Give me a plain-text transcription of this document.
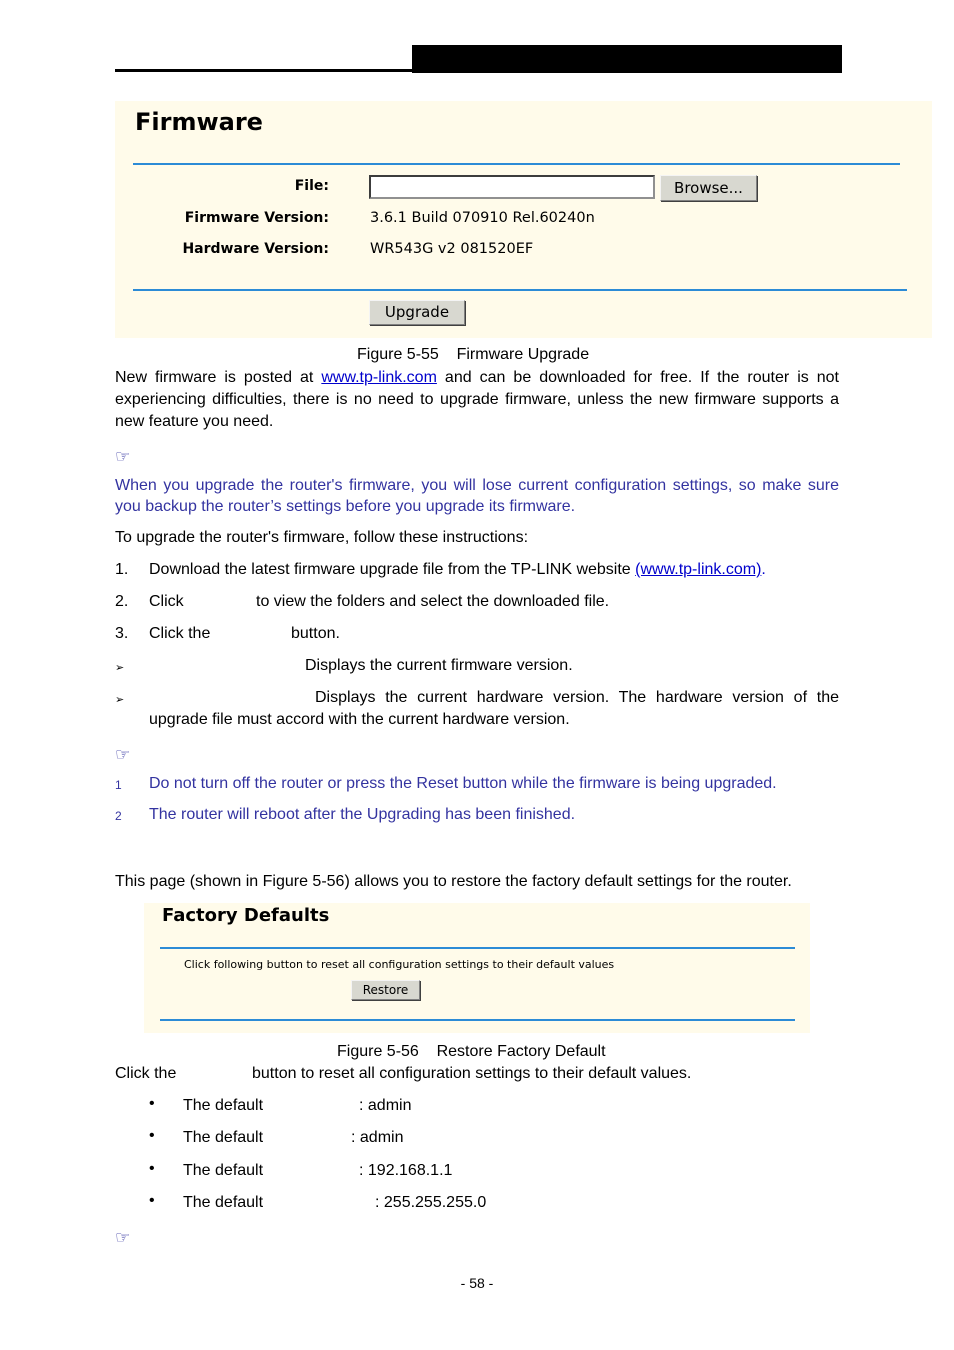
Firmware
File:	Browse...
Firmware Version:	3.6.1 Build 070910 Rel.60240n
Hardware Version:	WR543G v2 081520EF
Upgrade
Figure 5-55    Firmware Upgrade
New firmware is posted at www.tp-link.com and can be downloaded for free. If the router is not experiencing difficulties, there is no need to upgrade firmware, unless the new firmware supports a new feature you need.
☞
When you upgrade the router's firmware, you will lose current configuration settings, so make sure you backup the router’s settings before you upgrade its firmware.
To upgrade the router's firmware, follow these instructions:
1. Download the latest firmware upgrade file from the TP-LINK website (www.tp-link.com).
2. Click	to view the folders and select the downloaded file.
3. Click the	button.
➢	Displays the current firmware version.
➢	Displays the current hardware version. The hardware version of the upgrade file must accord with the current hardware version.
☞
1 Do not turn off the router or press the Reset button while the firmware is being upgraded.
2 The router will reboot after the Upgrading has been finished.
This page (shown in Figure 5-56) allows you to restore the factory default settings for the router.
Factory Defaults
Click following button to reset all configuration settings to their default values
Restore
Figure 5-56    Restore Factory Default
Click the	button to reset all configuration settings to their default values.
• The default	: admin
• The default	: admin
• The default	: 192.168.1.1
• The default	: 255.255.255.0
☞
- 58 -
